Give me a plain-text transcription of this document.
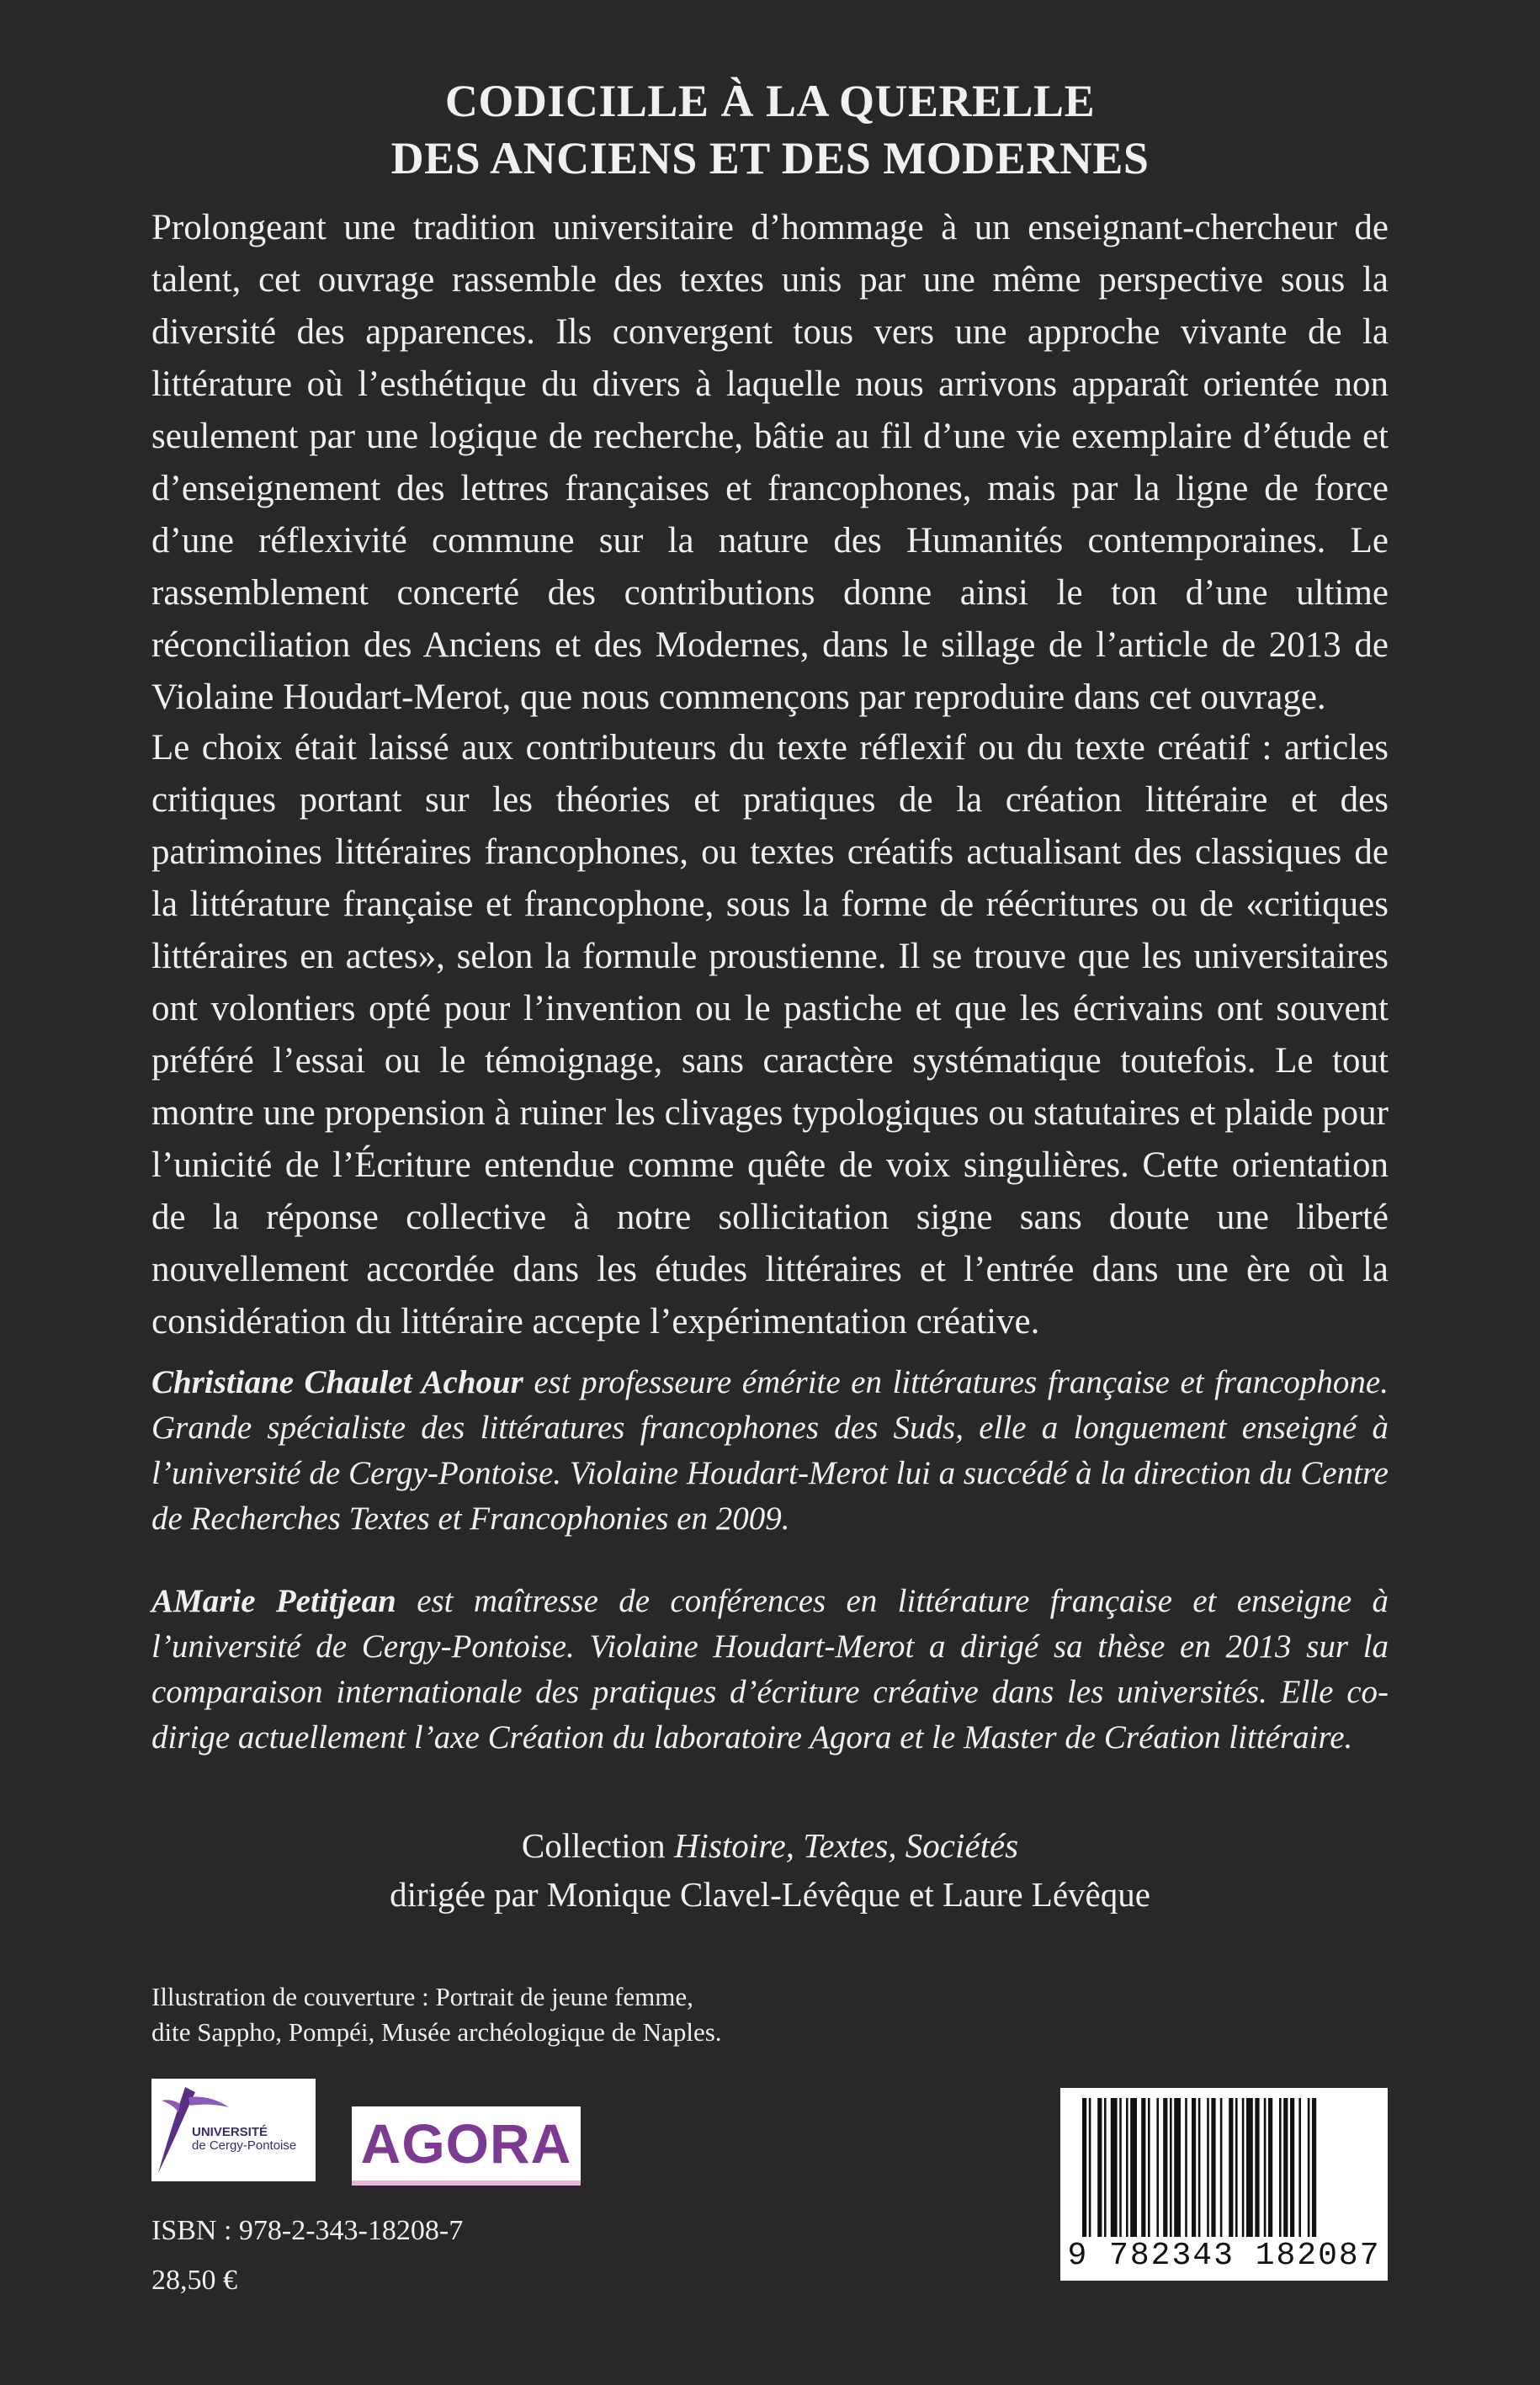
CODICILLE À LA QUERELLE
DES ANCIENS ET DES MODERNES
Prolongeant une tradition universitaire d’hommage à un enseignant-chercheur de talent, cet ouvrage rassemble des textes unis par une même perspective sous la diversité des apparences. Ils convergent tous vers une approche vivante de la littérature où l’esthétique du divers à laquelle nous arrivons apparaît orientée non seulement par une logique de recherche, bâtie au fil d’une vie exemplaire d’étude et d’enseignement des lettres françaises et francophones, mais par la ligne de force d’une réflexivité commune sur la nature des Humanités contemporaines. Le rassemblement concerté des contributions donne ainsi le ton d’une ultime réconciliation des Anciens et des Modernes, dans le sillage de l’article de 2013 de Violaine Houdart-Merot, que nous commençons par reproduire dans cet ouvrage.
Le choix était laissé aux contributeurs du texte réflexif ou du texte créatif : articles critiques portant sur les théories et pratiques de la création littéraire et des patrimoines littéraires francophones, ou textes créatifs actualisant des classiques de la littérature française et francophone, sous la forme de réécritures ou de «critiques littéraires en actes», selon la formule proustienne. Il se trouve que les universitaires ont volontiers opté pour l’invention ou le pastiche et que les écrivains ont souvent préféré l’essai ou le témoignage, sans caractère systématique toutefois. Le tout montre une propension à ruiner les clivages typologiques ou statutaires et plaide pour l’unicité de l’Écriture entendue comme quête de voix singulières. Cette orientation de la réponse collective à notre sollicitation signe sans doute une liberté nouvellement accordée dans les études littéraires et l’entrée dans une ère où la considération du littéraire accepte l’expérimentation créative.
Christiane Chaulet Achour est professeure émérite en littératures française et francophone. Grande spécialiste des littératures francophones des Suds, elle a longuement enseigné à l’université de Cergy-Pontoise. Violaine Houdart-Merot lui a succédé à la direction du Centre de Recherches Textes et Francophonies en 2009.
AMarie Petitjean est maîtresse de conférences en littérature française et enseigne à l’université de Cergy-Pontoise. Violaine Houdart-Merot a dirigé sa thèse en 2013 sur la comparaison internationale des pratiques d’écriture créative dans les universités. Elle co-dirige actuellement l’axe Création du laboratoire Agora et le Master de Création littéraire.
Collection Histoire, Textes, Sociétés
dirigée par Monique Clavel-Lévêque et Laure Lévêque
Illustration de couverture : Portrait de jeune femme,
dite Sappho, Pompéi, Musée archéologique de Naples.
UNIVERSITÉ
de Cergy-Pontoise	AGORA
ISBN : 978-2-343-18208-7
28,50 €
9 782343 182087
